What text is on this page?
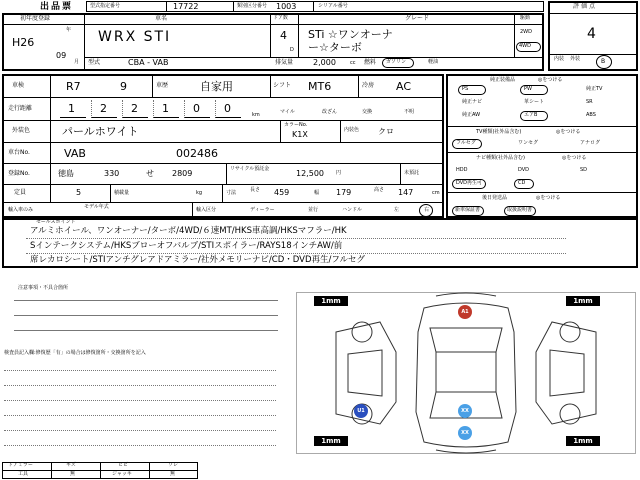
出品票	型式指定番号	17722	類別区分番号 1003	シリアル番号
初年度登録
H26
年
09
月
車名
WRX STI
ドア数
4
D
グレード
STi ☆ワンオーナ
ー☆ターボ
駆動
2WD
4WD
型式	CBA - VAB	排気量 2,000	cc 燃料 ガソリン	軽油
評価点
4
内装	B
外装
車検	R7	9	車歴	自家用	シフト MT6	冷房 AC
走行距離	1 2 2 1 0 0	km	マイル	改ざん	交換	不明
外装色	パールホワイト	カラーNo.
K1X	内装色 クロ
車台No.	VAB	002486
登録No.	徳島	330	せ 2809	リサイクル預託金	12,500 円	未預託
定員	5	積載量	kg	寸法	長さ 459	幅 179	高さ 147	cm
輸入車のみ	モデル年式	輸入区分	ディーラー	並行	ハンドル	左	右
純正装備品	◎をつける
PS	PW	純正TV
純正ナビ	革シート	SR
純正AW	エアB	ABS
TV種類(社外品含む)	◎をつける
フルセグ	ワンセグ	アナログ
ナビ種類(社外品含む)	◎をつける
HDD	DVD	SD
DVD再生可	CD
後日発送品	◎をつける
新車保証書	取扱説明書
セールスポイント
アルミホイール、ワンオーナー/ターボ/4WD/６速MT/HKS車高調/HKSマフラー/HK
Sインテークシステム/HKSブローオフバルブ/STIスポイラー/RAYS18インチAW/前
席レカロシート/STIアンチグレアドアミラー/社外メモリーナビ/CD・DVD再生/フルセグ
注意事項・不具合箇所
検査員記入欄:修復歴「有」の場合は修復箇所・交換箇所を記入
ドアミラー	キズ	ヒビ	ワレ
工具	無	ジャッキ	無
1mm	1mm
1mm	1mm
A1
U1	XX
XX
